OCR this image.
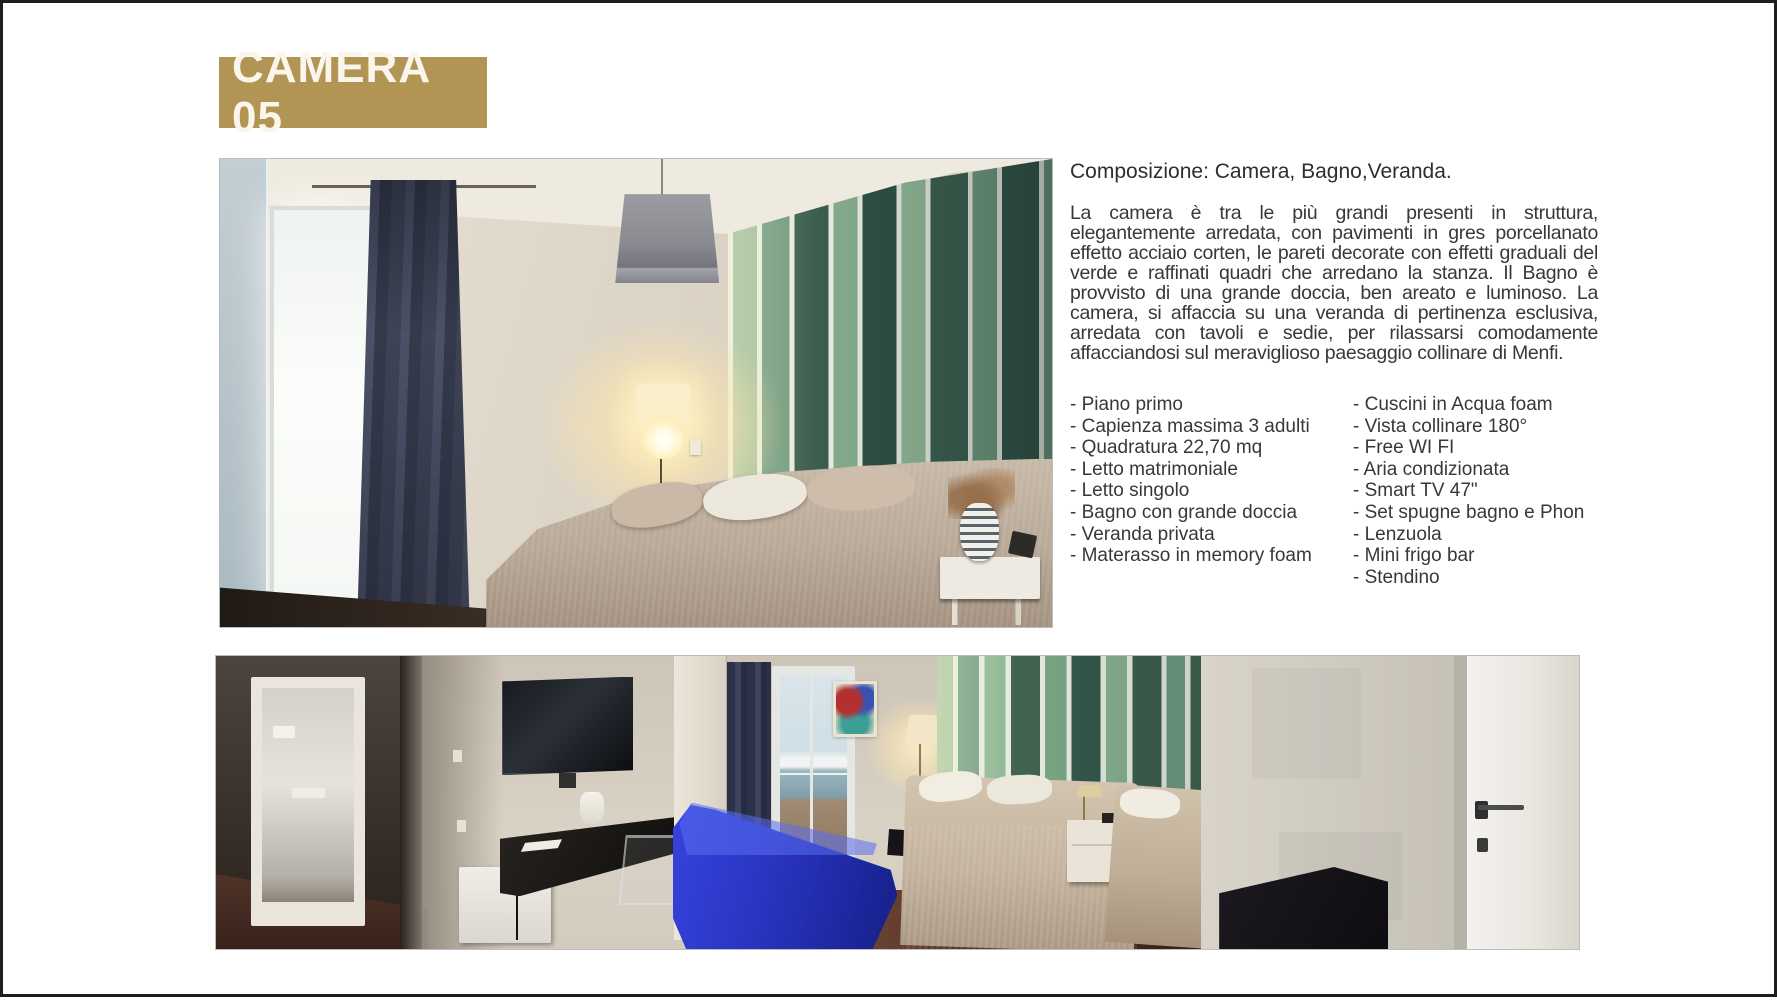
CAMERA 05
Composizione: Camera, Bagno,Veranda.
La camera è tra le più grandi presenti in struttura, elegantemente arredata, con pavimenti in gres porcellanato effetto acciaio corten, le pareti decorate con effetti graduali del verde e raffinati quadri che arredano la stanza. Il Bagno è provvisto di una grande doccia, ben areato e luminoso. La camera, si affaccia su una veranda di pertinenza esclusiva, arredata con tavoli e sedie, per rilassarsi comodamente affacciandosi sul meraviglioso paesaggio collinare di Menfi.
- Piano primo
- Capienza massima 3 adulti
- Quadratura 22,70 mq
- Letto matrimoniale
- Letto singolo
- Bagno con grande doccia
- Veranda privata
- Materasso in memory foam
- Cuscini in Acqua foam
- Vista collinare 180°
- Free WI FI
- Aria condizionata
- Smart TV 47"
- Set spugne bagno e Phon
- Lenzuola
- Mini frigo bar
- Stendino
